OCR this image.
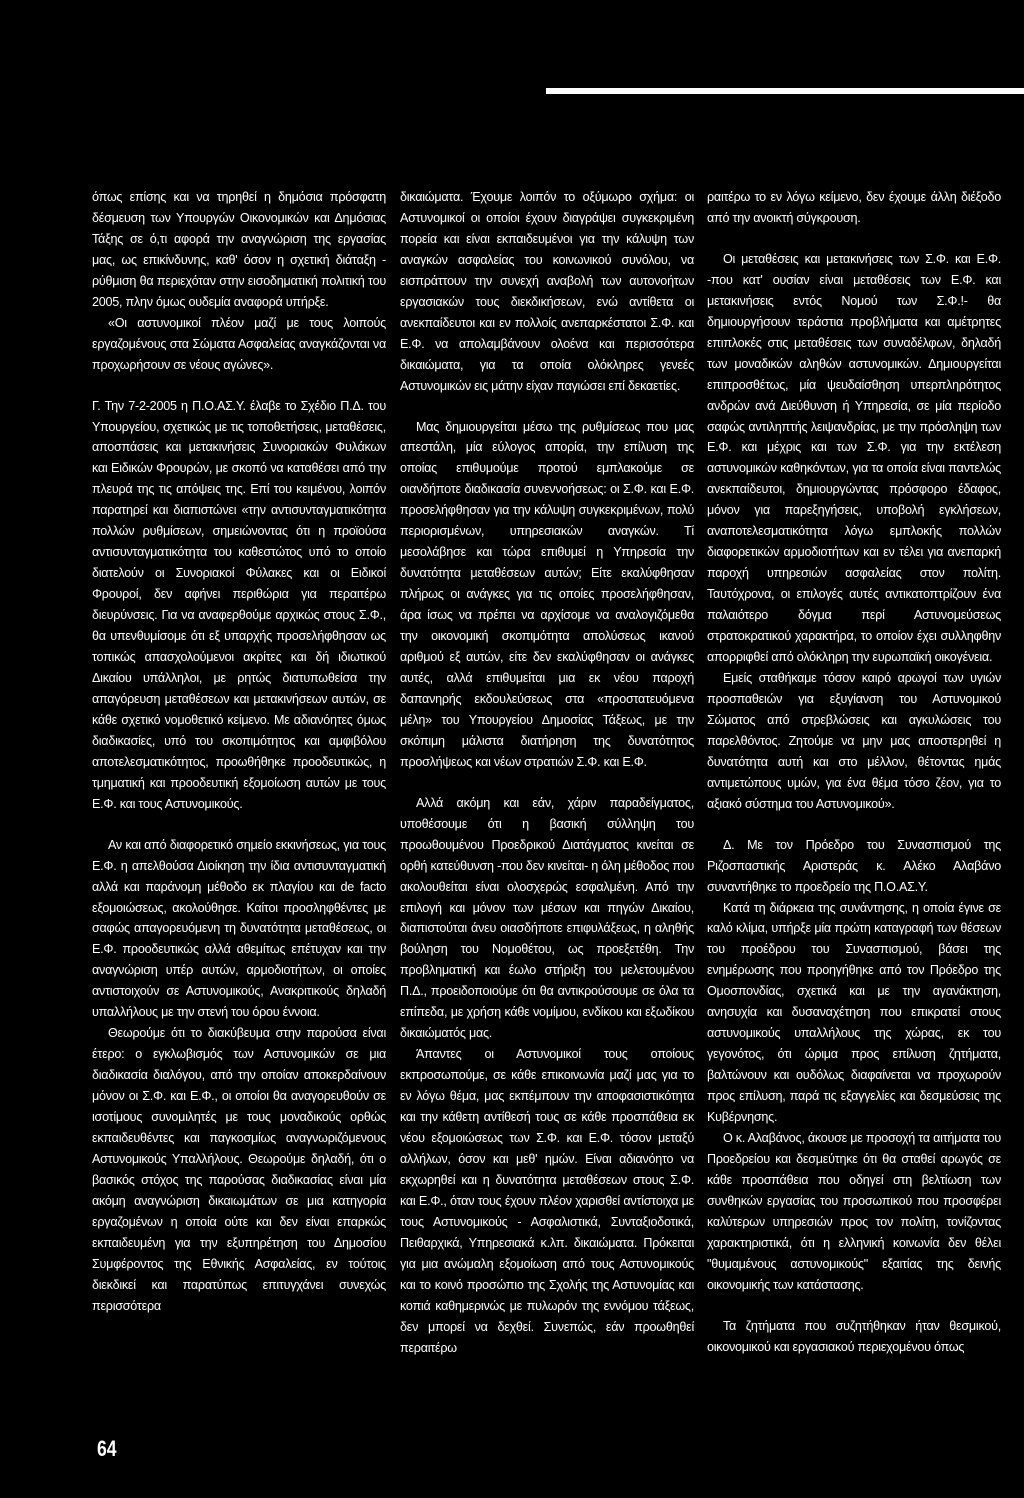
όπως επίσης και να τηρηθεί η δημόσια πρόσφατη δέσμευση των Υπουργών Οικονομικών και Δημόσιας Τάξης σε ό,τι αφορά την αναγνώριση της εργασίας μας, ως επικίνδυνης, καθ' όσον η σχετική διάταξη - ρύθμιση θα περιεχόταν στην εισοδηματική πολιτική του 2005, πλην όμως ουδεμία αναφορά υπήρξε.

«Οι αστυνομικοί πλέον μαζί με τους λοιπούς εργαζομένους στα Σώματα Ασφαλείας αναγκάζονται να προχωρήσουν σε νέους αγώνες».

Γ. Την 7-2-2005 η Π.Ο.ΑΣ.Υ. έλαβε το Σχέδιο Π.Δ. του Υπουργείου, σχετικώς με τις τοποθετήσεις, μεταθέσεις, αποσπάσεις και μετακινήσεις Συνοριακών Φυλάκων και Ειδικών Φρουρών, με σκοπό να καταθέσει από την πλευρά της τις απόψεις της. Επί του κειμένου, λοιπόν παρατηρεί και διαπιστώνει «την αντισυνταγματικότητα πολλών ρυθμίσεων, σημειώνοντας ότι η προϊούσα αντισυνταγματικότητα του καθεστώτος υπό το οποίο διατελούν οι Συνοριακοί Φύλακες και οι Ειδικοί Φρουροί, δεν αφήνει περιθώρια για περαιτέρω διευρύνσεις. Για να αναφερθούμε αρχικώς στους Σ.Φ., θα υπενθυμίσομε ότι εξ υπαρχής προσελήφθησαν ως τοπικώς απασχολούμενοι ακρίτες και δή ιδιωτικού Δικαίου υπάλληλοι, με ρητώς διατυπωθείσα την απαγόρευση μεταθέσεων και μετακινήσεων αυτών, σε κάθε σχετικό νομοθετικό κείμενο. Με αδιανόητες όμως διαδικασίες, υπό του σκοπιμότητος και αμφιβόλου αποτελεσματικότητος, προωθήθηκε προοδευτικώς, η τμηματική και προοδευτική εξομοίωση αυτών με τους Ε.Φ. και τους Αστυνομικούς.

Αν και από διαφορετικό σημείο εκκινήσεως, για τους Ε.Φ. η απελθούσα Διοίκηση την ίδια αντισυνταγματική αλλά και παράνομη μέθοδο εκ πλαγίου και de facto εξομοιώσεως, ακολούθησε. Καίτοι προσληφθέντες με σαφώς απαγορευόμενη τη δυνατότητα μεταθέσεως, οι Ε.Φ. προοδευτικώς αλλά αθεμίτως επέτυχαν και την αναγνώριση υπέρ αυτών, αρμοδιοτήτων, οι οποίες αντιστοιχούν σε Αστυνομικούς, Ανακριτικούς δηλαδή υπαλλήλους με την στενή του όρου έννοια.

Θεωρούμε ότι το διακύβευμα στην παρούσα είναι έτερο: ο εγκλωβισμός των Αστυνομικών σε μια διαδικασία διαλόγου, από την οποίαν αποκερδαίνουν μόνον οι Σ.Φ. και Ε.Φ., οι οποίοι θα αναγορευθούν σε ισοτίμους συνομιλητές με τους μοναδικούς ορθώς εκπαιδευθέντες και παγκοσμίως αναγνωριζόμενους Αστυνομικούς Υπαλλήλους. Θεωρούμε δηλαδή, ότι ο βασικός στόχος της παρούσας διαδικασίας είναι μία ακόμη αναγνώριση δικαιωμάτων σε μια κατηγορία εργαζομένων η οποία ούτε και δεν είναι επαρκώς εκπαιδευμένη για την εξυπηρέτηση του Δημοσίου Συμφέροντος της Εθνικής Ασφαλείας, εν τούτοις διεκδικεί και παρατύπως επιτυγχάνει συνεχώς περισσότερα

δικαιώματα. Έχουμε λοιπόν το οξύμωρο σχήμα: οι Αστυνομικοί οι οποίοι έχουν διαγράψει συγκεκριμένη πορεία και είναι εκπαιδευμένοι για την κάλυψη των αναγκών ασφαλείας του κοινωνικού συνόλου, να εισπράττουν την συνεχή αναβολή των αυτονοήτων εργασιακών τους διεκδικήσεων, ενώ αντίθετα οι ανεκπαίδευτοι και εν πολλοίς ανεπαρκέστατοι Σ.Φ. και Ε.Φ. να απολαμβάνουν ολοένα και περισσότερα δικαιώματα, για τα οποία ολόκληρες γενεές Αστυνομικών εις μάτην είχαν παγιώσει επί δεκαετίες.

Μας δημιουργείται μέσω της ρυθμίσεως που μας απεστάλη, μία εύλογος απορία, την επίλυση της οποίας επιθυμούμε προτού εμπλακούμε σε οιανδήποτε διαδικασία συνεννοήσεως: οι Σ.Φ. και Ε.Φ. προσελήφθησαν για την κάλυψη συγκεκριμένων, πολύ περιορισμένων, υπηρεσιακών αναγκών. Τί μεσολάβησε και τώρα επιθυμεί η Υπηρεσία την δυνατότητα μεταθέσεων αυτών; Είτε εκαλύφθησαν πλήρως οι ανάγκες για τις οποίες προσελήφθησαν, άρα ίσως να πρέπει να αρχίσομε να αναλογιζόμεθα την οικονομική σκοπιμότητα απολύσεως ικανού αριθμού εξ αυτών, είτε δεν εκαλύφθησαν οι ανάγκες αυτές, αλλά επιθυμείται μια εκ νέου παροχή δαπανηρής εκδουλεύσεως στα «προστατευόμενα μέλη» του Υπουργείου Δημοσίας Τάξεως, με την σκόπιμη μάλιστα διατήρηση της δυνατότητος προσλήψεως και νέων στρατιών Σ.Φ. και Ε.Φ.

Αλλά ακόμη και εάν, χάριν παραδείγματος, υποθέσουμε ότι η βασική σύλληψη του προωθουμένου Προεδρικού Διατάγματος κινείται σε ορθή κατεύθυνση -που δεν κινείται- η όλη μέθοδος που ακολουθείται είναι ολοσχερώς εσφαλμένη. Από την επιλογή και μόνον των μέσων και πηγών Δικαίου, διαπιστούται άνευ οιασδήποτε επιφυλάξεως, η αληθής βούληση του Νομοθέτου, ως προεξετέθη. Την προβληματική και έωλο στήριξη του μελετουμένου Π.Δ., προειδοποιούμε ότι θα αντικρούσουμε σε όλα τα επίπεδα, με χρήση κάθε νομίμου, ενδίκου και εξωδίκου δικαιώματός μας.

Άπαντες οι Αστυνομικοί τους οποίους εκπροσωπούμε, σε κάθε επικοινωνία μαζί μας για το εν λόγω θέμα, μας εκπέμπουν την αποφασιστικότητα και την κάθετη αντίθεσή τους σε κάθε προσπάθεια εκ νέου εξομοιώσεως των Σ.Φ. και Ε.Φ. τόσον μεταξύ αλλήλων, όσον και μεθ' ημών. Είναι αδιανόητο να εκχωρηθεί και η δυνατότητα μεταθέσεων στους Σ.Φ. και Ε.Φ., όταν τους έχουν πλέον χαρισθεί αντίστοιχα με τους Αστυνομικούς - Ασφαλιστικά, Συνταξιοδοτικά, Πειθαρχικά, Υπηρεσιακά κ.λπ. δικαιώματα. Πρόκειται για μια ανώμαλη εξομοίωση από τους Αστυνομικούς και το κοινό προσώπιο της Σχολής της Αστυνομίας και κοπιά καθημερινώς με πυλωρόν της εννόμου τάξεως, δεν μπορεί να δεχθεί. Συνεπώς, εάν προωθηθεί περαιτέρω

ραιτέρω το εν λόγω κείμενο, δεν έχουμε άλλη διέξοδο από την ανοικτή σύγκρουση.

Οι μεταθέσεις και μετακινήσεις των Σ.Φ. και Ε.Φ. -που κατ' ουσίαν είναι μεταθέσεις των Ε.Φ. και μετακινήσεις εντός Νομού των Σ.Φ.!- θα δημιουργήσουν τεράστια προβλήματα και αμέτρητες επιπλοκές στις μεταθέσεις των συναδέλφων, δηλαδή των μοναδικών αληθών αστυνομικών. Δημιουργείται επιπροσθέτως, μία ψευδαίσθηση υπερπληρότητος ανδρών ανά Διεύθυνση ή Υπηρεσία, σε μία περίοδο σαφώς αντιληπτής λειψανδρίας, με την πρόσληψη των Ε.Φ. και μέχρις και των Σ.Φ. για την εκτέλεση αστυνομικών καθηκόντων, για τα οποία είναι παντελώς ανεκπαίδευτοι, δημιουργώντας πρόσφορο έδαφος, μόνον για παρεξηγήσεις, υποβολή εγκλήσεων, αναποτελεσματικότητα λόγω εμπλοκής πολλών διαφορετικών αρμοδιοτήτων και εν τέλει για ανεπαρκή παροχή υπηρεσιών ασφαλείας στον πολίτη. Ταυτόχρονα, οι επιλογές αυτές αντικατοπτρίζουν ένα παλαιότερο δόγμα περί Αστυνομεύσεως στρατοκρατικού χαρακτήρα, το οποίον έχει συλληφθην απορριφθεί από ολόκληρη την ευρωπαϊκή οικογένεια.

Εμείς σταθήκαμε τόσον καιρό αρωγοί των υγιών προσπαθειών για εξυγίανση του Αστυνομικού Σώματος από στρεβλώσεις και αγκυλώσεις του παρελθόντος. Ζητούμε να μην μας αποστερηθεί η δυνατότητα αυτή και στο μέλλον, θέτοντας ημάς αντιμετώπους υμών, για ένα θέμα τόσο ζέον, για το αξιακό σύστημα του Αστυνομικού».

Δ. Με τον Πρόεδρο του Συνασπισμού της Ριζοσπαστικής Αριστεράς κ. Αλέκο Αλαβάνο συναντήθηκε το προεδρείο της Π.Ο.ΑΣ.Υ.

Κατά τη διάρκεια της συνάντησης, η οποία έγινε σε καλό κλίμα, υπήρξε μία πρώτη καταγραφή των θέσεων του προέδρου του Συνασπισμού, βάσει της ενημέρωσης που προηγήθηκε από τον Πρόεδρο της Ομοσπονδίας, σχετικά και με την αγανάκτηση, ανησυχία και δυσαναχέτηση που επικρατεί στους αστυνομικούς υπαλλήλους της χώρας, εκ του γεγονότος, ότι ώριμα προς επίλυση ζητήματα, βαλτώνουν και ουδόλως διαφαίνεται να προχωρούν προς επίλυση, παρά τις εξαγγελίες και δεσμεύσεις της Κυβέρνησης.

Ο κ. Αλαβάνος, άκουσε με προσοχή τα αιτήματα του Προεδρείου και δεσμεύτηκε ότι θα σταθεί αρωγός σε κάθε προσπάθεια που οδηγεί στη βελτίωση των συνθηκών εργασίας του προσωπικού που προσφέρει καλύτερων υπηρεσιών προς τον πολίτη, τονίζοντας χαρακτηριστικά, ότι η ελληνική κοινωνία δεν θέλει "θυμαμένους αστυνομικούς" εξαιτίας της δεινής οικονομικής των κατάστασης.

Τα ζητήματα που συζητήθηκαν ήταν θεσμικού, οικονομικού και εργασιακού περιεχομένου όπως

64
